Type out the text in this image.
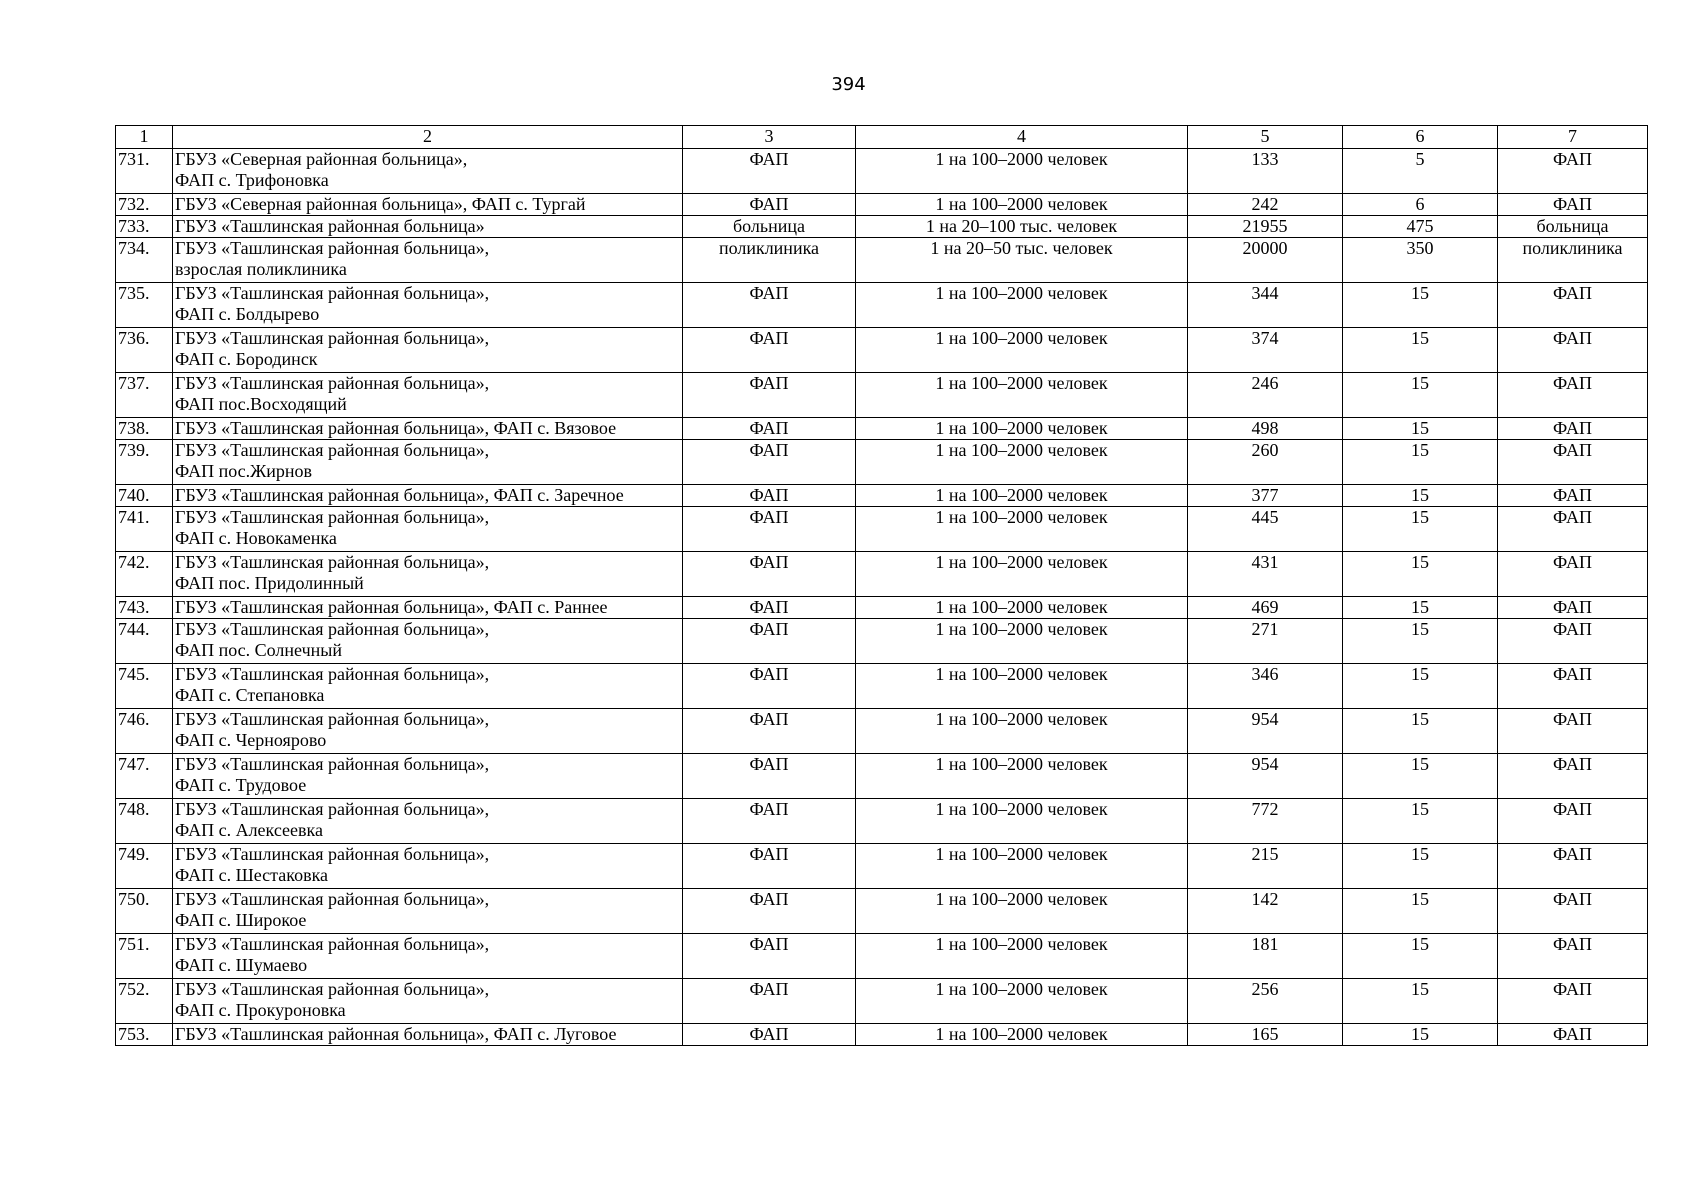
394
1	2	3	4	5	6	7
731.	ГБУЗ «Северная районная больница»,
ФАП с. Трифоновка	ФАП	1 на 100–2000 человек	133	5	ФАП
732.	ГБУЗ «Северная районная больница», ФАП с. Тургай	ФАП	1 на 100–2000 человек	242	6	ФАП
733.	ГБУЗ «Ташлинская районная больница»	больница	1 на 20–100 тыс. человек	21955	475	больница
734.	ГБУЗ «Ташлинская районная больница»,
взрослая поликлиника	поликлиника	1 на 20–50 тыс. человек	20000	350	поликлиника
735.	ГБУЗ «Ташлинская районная больница»,
ФАП с. Болдырево	ФАП	1 на 100–2000 человек	344	15	ФАП
736.	ГБУЗ «Ташлинская районная больница»,
ФАП с. Бородинск	ФАП	1 на 100–2000 человек	374	15	ФАП
737.	ГБУЗ «Ташлинская районная больница»,
ФАП пос.Восходящий	ФАП	1 на 100–2000 человек	246	15	ФАП
738.	ГБУЗ «Ташлинская районная больница», ФАП с. Вязовое	ФАП	1 на 100–2000 человек	498	15	ФАП
739.	ГБУЗ «Ташлинская районная больница»,
ФАП пос.Жирнов	ФАП	1 на 100–2000 человек	260	15	ФАП
740.	ГБУЗ «Ташлинская районная больница», ФАП с. Заречное	ФАП	1 на 100–2000 человек	377	15	ФАП
741.	ГБУЗ «Ташлинская районная больница»,
ФАП с. Новокаменка	ФАП	1 на 100–2000 человек	445	15	ФАП
742.	ГБУЗ «Ташлинская районная больница»,
ФАП пос. Придолинный	ФАП	1 на 100–2000 человек	431	15	ФАП
743.	ГБУЗ «Ташлинская районная больница», ФАП с. Раннее	ФАП	1 на 100–2000 человек	469	15	ФАП
744.	ГБУЗ «Ташлинская районная больница»,
ФАП пос. Солнечный	ФАП	1 на 100–2000 человек	271	15	ФАП
745.	ГБУЗ «Ташлинская районная больница»,
ФАП с. Степановка	ФАП	1 на 100–2000 человек	346	15	ФАП
746.	ГБУЗ «Ташлинская районная больница»,
ФАП с. Черноярово	ФАП	1 на 100–2000 человек	954	15	ФАП
747.	ГБУЗ «Ташлинская районная больница»,
ФАП с. Трудовое	ФАП	1 на 100–2000 человек	954	15	ФАП
748.	ГБУЗ «Ташлинская районная больница»,
ФАП с. Алексеевка	ФАП	1 на 100–2000 человек	772	15	ФАП
749.	ГБУЗ «Ташлинская районная больница»,
ФАП с. Шестаковка	ФАП	1 на 100–2000 человек	215	15	ФАП
750.	ГБУЗ «Ташлинская районная больница»,
ФАП с. Широкое	ФАП	1 на 100–2000 человек	142	15	ФАП
751.	ГБУЗ «Ташлинская районная больница»,
ФАП с. Шумаево	ФАП	1 на 100–2000 человек	181	15	ФАП
752.	ГБУЗ «Ташлинская районная больница»,
ФАП с. Прокуроновка	ФАП	1 на 100–2000 человек	256	15	ФАП
753.	ГБУЗ «Ташлинская районная больница», ФАП с. Луговое	ФАП	1 на 100–2000 человек	165	15	ФАП
